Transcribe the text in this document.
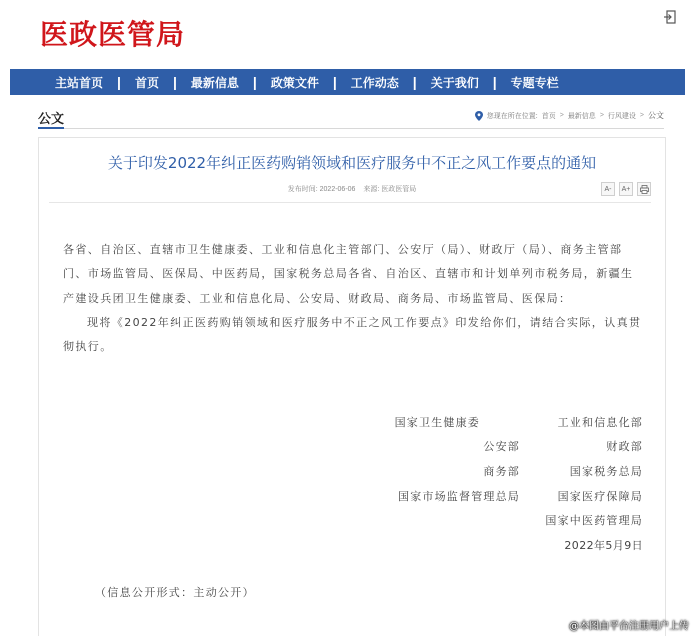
医政医管局
主站首页 | 首页 | 最新信息 | 政策文件 | 工作动态 | 关于我们 | 专题专栏
公文	您现在所在位置: 首页 > 最新信息 > 行风建设 > 公文
关于印发2022年纠正医药购销领域和医疗服务中不正之风工作要点的通知
发布时间: 2022-06-06 来源: 医政医管局	A- A+

各省、自治区、直辖市卫生健康委、工业和信息化主管部门、公安厅（局）、财政厅（局）、商务主管部门、市场监管局、医保局、中医药局，国家税务总局各省、自治区、直辖市和计划单列市税务局，新疆生产建设兵团卫生健康委、工业和信息化局、公安局、财政局、商务局、市场监管局、医保局：

现将《2022年纠正医药购销领域和医疗服务中不正之风工作要点》印发给你们，请结合实际，认真贯彻执行。

国家卫生健康委	工业和信息化部
公安部	财政部
商务部	国家税务总局
国家市场监督管理总局	国家医疗保障局
国家中医药管理局
2022年5月9日
（信息公开形式：主动公开）
@本图由平台注册用户上传
